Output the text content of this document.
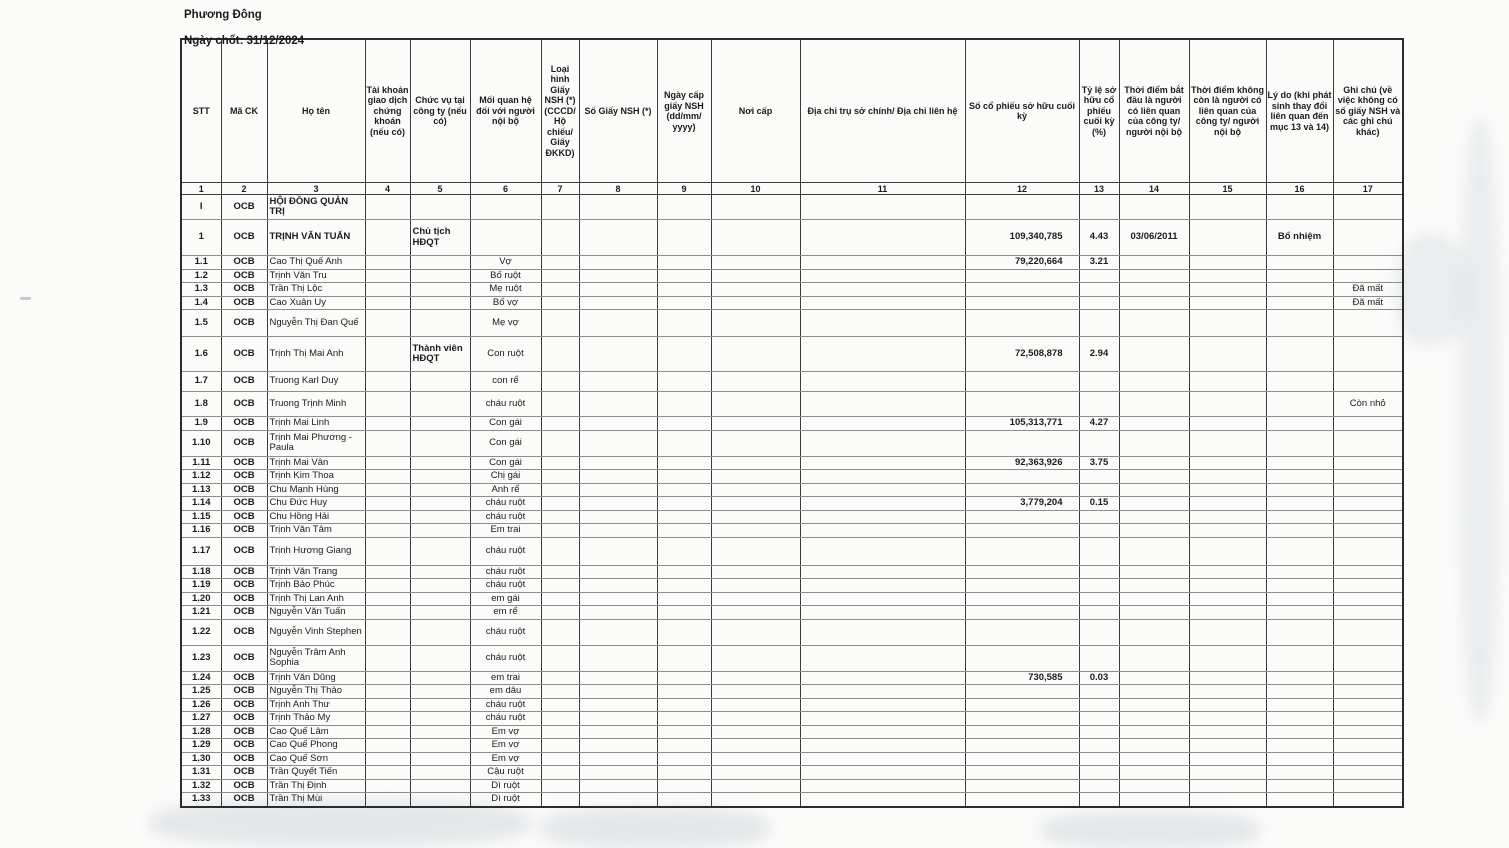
Phương Đông

Ngày chốt: 31/12/2024

STT	Mã CK	Họ tên	Tài khoản giao dịch chứng khoán (nếu có)	Chức vụ tại công ty (nếu có)	Mối quan hệ đối với người nội bộ	Loại hình Giấy NSH (*) (CCCD/ Hộ chiếu/ Giấy ĐKKD)	Số Giấy NSH (*)	Ngày cấp giấy NSH (dd/mm/ yyyy)	Nơi cấp	Địa chỉ trụ sở chính/ Địa chỉ liên hệ	Số cổ phiếu sở hữu cuối kỳ	Tỷ lệ sở hữu cổ phiếu cuối kỳ (%)	Thời điểm bắt đầu là người có liên quan của công ty/ người nội bộ	Thời điểm không còn là người có liên quan của công ty/ người nội bộ	Lý do (khi phát sinh thay đổi liên quan đến mục 13 và 14)	Ghi chú (về việc không có số giấy NSH và các ghi chú khác)
1	2	3	4	5	6	7	8	9	10	11	12	13	14	15	16	17
I	OCB	HỘI ĐỒNG QUẢN TRỊ														
1	OCB	TRỊNH VĂN TUẤN		Chủ tịch HĐQT							109,340,785	4.43	03/06/2011		Bổ nhiệm	
1.1	OCB	Cao Thị Quế Anh			Vợ						79,220,664	3.21				
1.2	OCB	Trịnh Văn Tru			Bố ruột											
1.3	OCB	Trần Thị Lộc			Mẹ ruột											Đã mất
1.4	OCB	Cao Xuân Uy			Bố vợ											Đã mất
1.5	OCB	Nguyễn Thị Đan Quế			Mẹ vợ											
1.6	OCB	Trịnh Thị Mai Anh		Thành viên HĐQT	Con ruột						72,508,878	2.94				
1.7	OCB	Truong Karl Duy			con rể											
1.8	OCB	Truong Trịnh Minh			cháu ruột											Còn nhỏ
1.9	OCB	Trịnh Mai Linh			Con gái						105,313,771	4.27				
1.10	OCB	Trịnh Mai Phương - Paula			Con gái											
1.11	OCB	Trịnh Mai Vân			Con gái						92,363,926	3.75				
1.12	OCB	Trịnh Kim Thoa			Chị gái											
1.13	OCB	Chu Mạnh Hùng			Anh rể											
1.14	OCB	Chu Đức Huy			cháu ruột						3,779,204	0.15				
1.15	OCB	Chu Hồng Hải			cháu ruột											
1.16	OCB	Trịnh Văn Tâm			Em trai											
1.17	OCB	Trịnh Hương Giang			cháu ruột											
1.18	OCB	Trịnh Văn Trang			cháu ruột											
1.19	OCB	Trịnh Bảo Phúc			cháu ruột											
1.20	OCB	Trịnh Thị Lan Anh			em gái											
1.21	OCB	Nguyễn Văn Tuấn			em rể											
1.22	OCB	Nguyễn Vinh Stephen			cháu ruột											
1.23	OCB	Nguyễn Trâm Anh Sophia			cháu ruột											
1.24	OCB	Trịnh Văn Dũng			em trai						730,585	0.03				
1.25	OCB	Nguyễn Thị Thảo			em dâu											
1.26	OCB	Trịnh Anh Thư			cháu ruột											
1.27	OCB	Trịnh Thảo My			cháu ruột											
1.28	OCB	Cao Quế Lâm			Em vợ											
1.29	OCB	Cao Quế Phong			Em vợ											
1.30	OCB	Cao Quế Sơn			Em vợ											
1.31	OCB	Trần Quyết Tiến			Cậu ruột											
1.32	OCB	Trần Thị Định			Dì ruột											
1.33	OCB	Trần Thị Mùi			Dì ruột											
